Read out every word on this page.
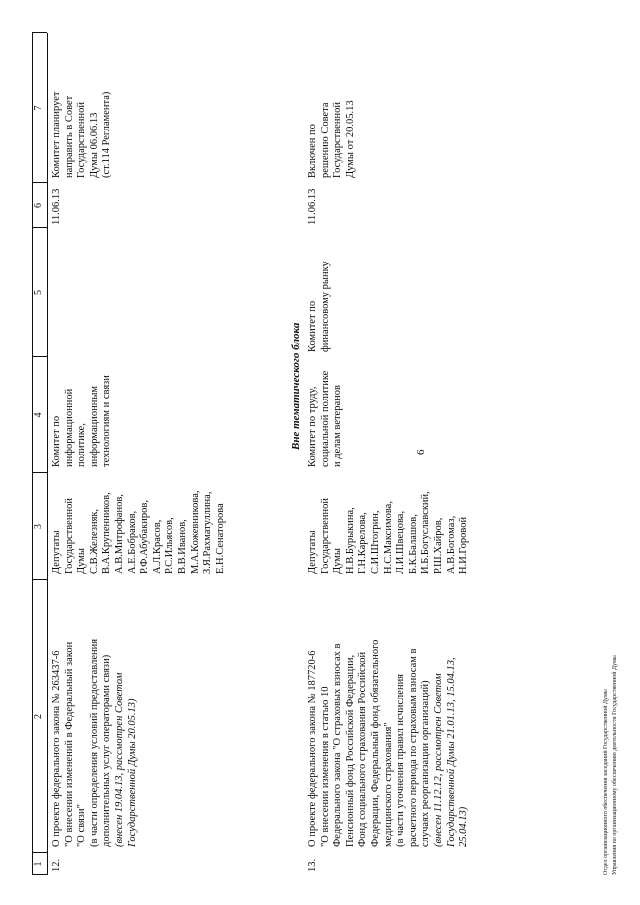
6
1
2
3
4
5
6
7
12.
О проекте федерального закона № 263437-6 "О внесении изменений в Федеральный закон "О связи" (в части определения условий предоставления дополнительных услуг операторами связи) (внесен 19.04.13, рассмотрен Советом Государственной Думы 20.05.13)
Депутаты Государственной Думы С.В.Железняк, В.А.Крупенников, А.В.Митрофанов, А.Е.Бобраков, Р.Ф.Абубакиров, А.Л.Красов, Р.С.Ильясов, В.В.Иванов, М.А.Кожевникова, З.Я.Рахматуллина, Е.Н.Сенаторова
Комитет по информационной политике, информационным технологиям и связи
11.06.13
Комитет планирует направить в Совет Государственной Думы 06.06.13 (ст.114 Регламента)
Вне тематического блока
13.
О проекте федерального закона № 187720-6 "О внесении изменения в статью 10 Федерального закона "О страховых взносах в Пенсионный фонд Российской Федерации, Фонд социального страхования Российской Федерации, Федеральный фонд обязательного медицинского страхования" (в части уточнения правил исчисления расчетного периода по страховым взносам в случаях реорганизации организаций) (внесен 11.12.12, рассмотрен Советом Государственной Думы 21.01.13, 15.04.13, 25.04.13)
Депутаты Государственной Думы Н.В.Бурыкина, Г.Н.Карелова, С.И.Штогрин, Н.С.Максимова, Л.И.Швецова, Б.К.Балашов, И.Б.Богуславский, Р.Ш.Хайров, А.В.Богомаз, Н.И.Горовой
Комитет по труду, социальной политике и делам ветеранов
Комитет по финансовому рынку
11.06.13
Включен по решению Совета Государственной Думы от 20.05.13
Отдел организационного обеспечения заседаний Государственной Думы Управления по организационному обеспечению деятельности Государственной Думы
